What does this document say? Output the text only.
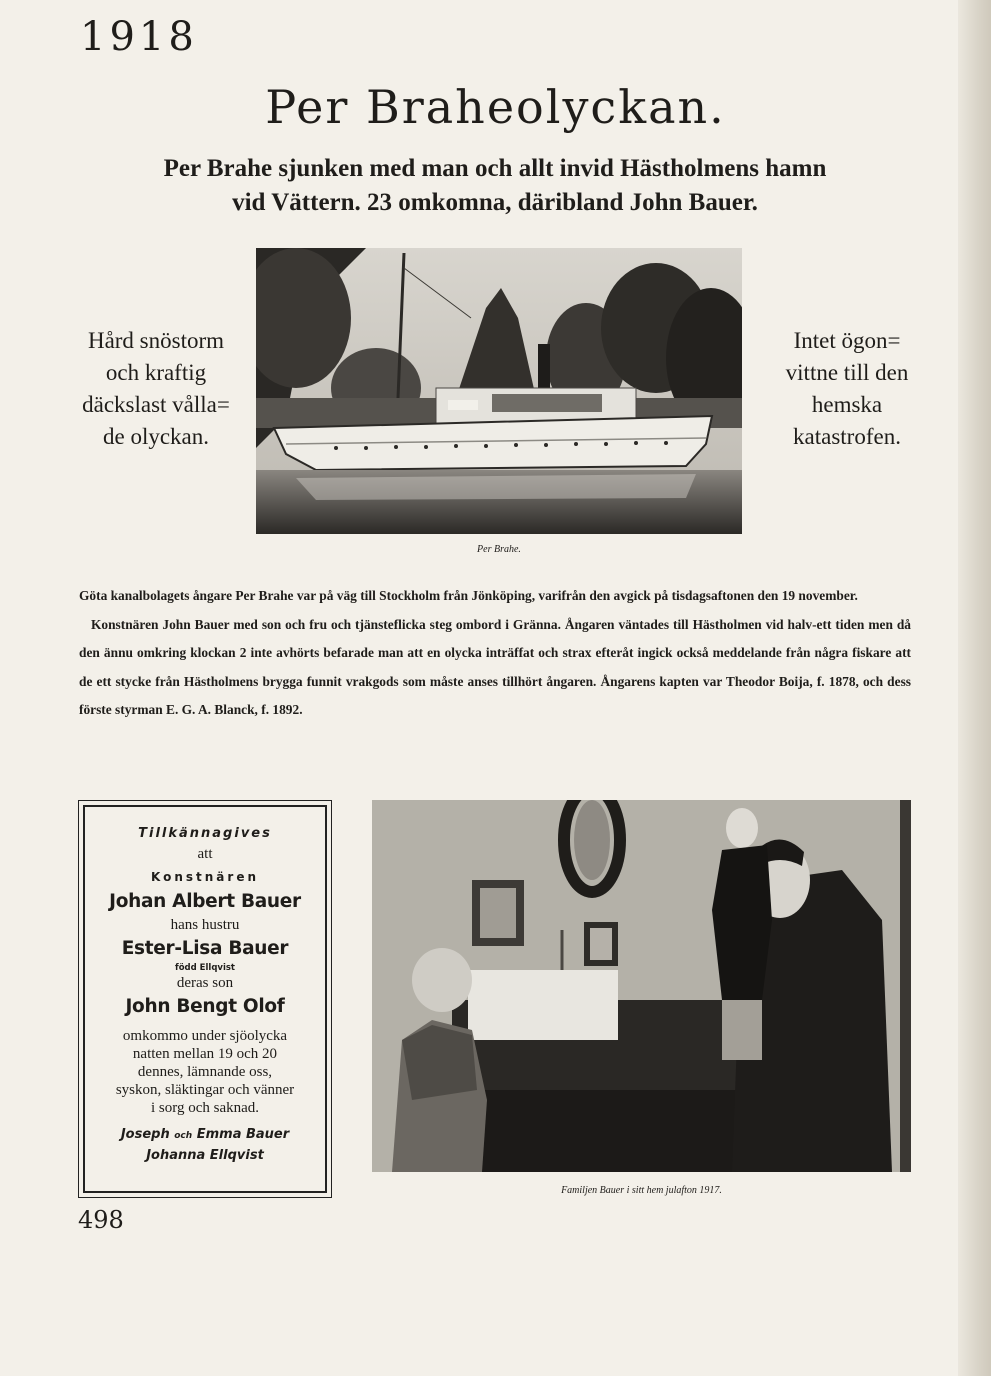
1918
Per Braheolyckan.
Per Brahe sjunken med man och allt invid Hästholmens hamn
vid Vättern. 23 omkomna, däribland John Bauer.
Hård snöstorm
och kraftig
däckslast vålla=
de olyckan.
Intet ögon=
vittne till den
hemska
katastrofen.
Per Brahe.

Göta kanalbolagets ångare Per Brahe var på väg till Stockholm från Jönköping, varifrån den avgick på tisdagsaftonen den 19 november.

Konstnären John Bauer med son och fru och tjänsteflicka steg ombord i Gränna. Ångaren väntades till Hästholmen vid halv-ett tiden men då den ännu omkring klockan 2 inte avhörts befarade man att en olycka inträffat och strax efteråt ingick också meddelande från några fiskare att de ett stycke från Hästholmens brygga funnit vrakgods som måste anses tillhört ångaren. Ångarens kapten var Theodor Boija, f. 1878, och dess förste styrman E. G. A. Blanck, f. 1892.

Tillkännagives
att
Konstnären
Johan Albert Bauer
hans hustru
Ester-Lisa Bauer
född Ellqvist
deras son
John Bengt Olof
omkommo under sjöolycka
natten mellan 19 och 20
dennes, lämnande oss,
syskon, släktingar och vänner
i sorg och saknad.
Joseph och Emma Bauer
Johanna Ellqvist
Familjen Bauer i sitt hem julafton 1917.
498
